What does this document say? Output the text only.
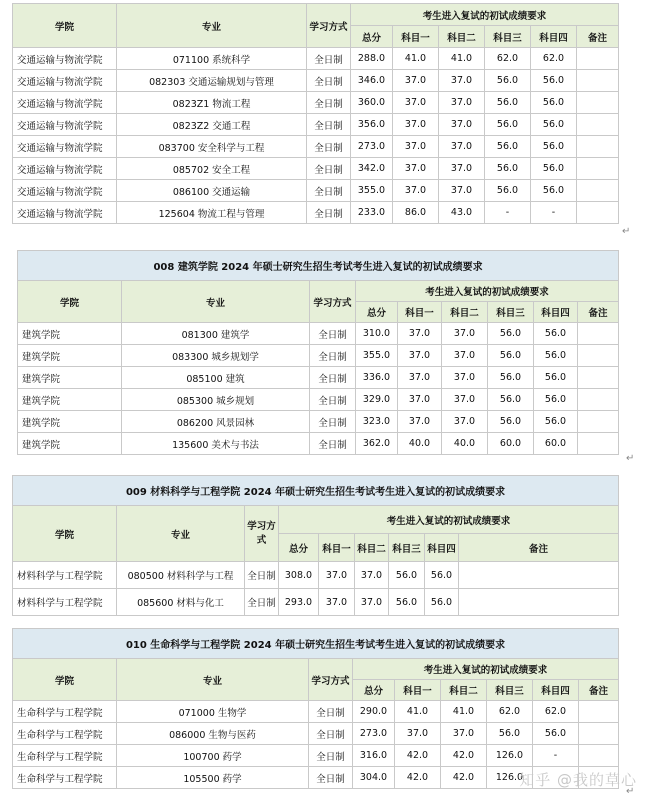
学院	专业	学习方式	考生进入复试的初试成绩要求					
			总分	科目一	科目二	科目三	科目四	备注
交通运输与物流学院	071100 系统科学	全日制	288.0	41.0	41.0	62.0	62.0	
交通运输与物流学院	082303 交通运输规划与管理	全日制	346.0	37.0	37.0	56.0	56.0	
交通运输与物流学院	0823Z1 物流工程	全日制	360.0	37.0	37.0	56.0	56.0	
交通运输与物流学院	0823Z2 交通工程	全日制	356.0	37.0	37.0	56.0	56.0	
交通运输与物流学院	083700 安全科学与工程	全日制	273.0	37.0	37.0	56.0	56.0	
交通运输与物流学院	085702 安全工程	全日制	342.0	37.0	37.0	56.0	56.0	
交通运输与物流学院	086100 交通运输	全日制	355.0	37.0	37.0	56.0	56.0	
交通运输与物流学院	125604 物流工程与管理	全日制	233.0	86.0	43.0	-	-	
↵
008 建筑学院 2024 年硕士研究生招生考试考生进入复试的初试成绩要求								
学院	专业	学习方式	考生进入复试的初试成绩要求					
			总分	科目一	科目二	科目三	科目四	备注
建筑学院	081300 建筑学	全日制	310.0	37.0	37.0	56.0	56.0	
建筑学院	083300 城乡规划学	全日制	355.0	37.0	37.0	56.0	56.0	
建筑学院	085100 建筑	全日制	336.0	37.0	37.0	56.0	56.0	
建筑学院	085300 城乡规划	全日制	329.0	37.0	37.0	56.0	56.0	
建筑学院	086200 风景园林	全日制	323.0	37.0	37.0	56.0	56.0	
建筑学院	135600 美术与书法	全日制	362.0	40.0	40.0	60.0	60.0	
↵
009 材料科学与工程学院 2024 年硕士研究生招生考试考生进入复试的初试成绩要求								
学院	专业	学习方
式	考生进入复试的初试成绩要求					
			总分	科目一	科目二	科目三	科目四	备注
材料科学与工程学院	080500 材料科学与工程	全日制	308.0	37.0	37.0	56.0	56.0	
材料科学与工程学院	085600 材料与化工	全日制	293.0	37.0	37.0	56.0	56.0	
010 生命科学与工程学院 2024 年硕士研究生招生考试考生进入复试的初试成绩要求								
学院	专业	学习方式	考生进入复试的初试成绩要求					
			总分	科目一	科目二	科目三	科目四	备注
生命科学与工程学院	071000 生物学	全日制	290.0	41.0	41.0	62.0	62.0	
生命科学与工程学院	086000 生物与医药	全日制	273.0	37.0	37.0	56.0	56.0	
生命科学与工程学院	100700 药学	全日制	316.0	42.0	42.0	126.0	-	
生命科学与工程学院	105500 药学	全日制	304.0	42.0	42.0	126.0		
↵
知乎 @我的草心
